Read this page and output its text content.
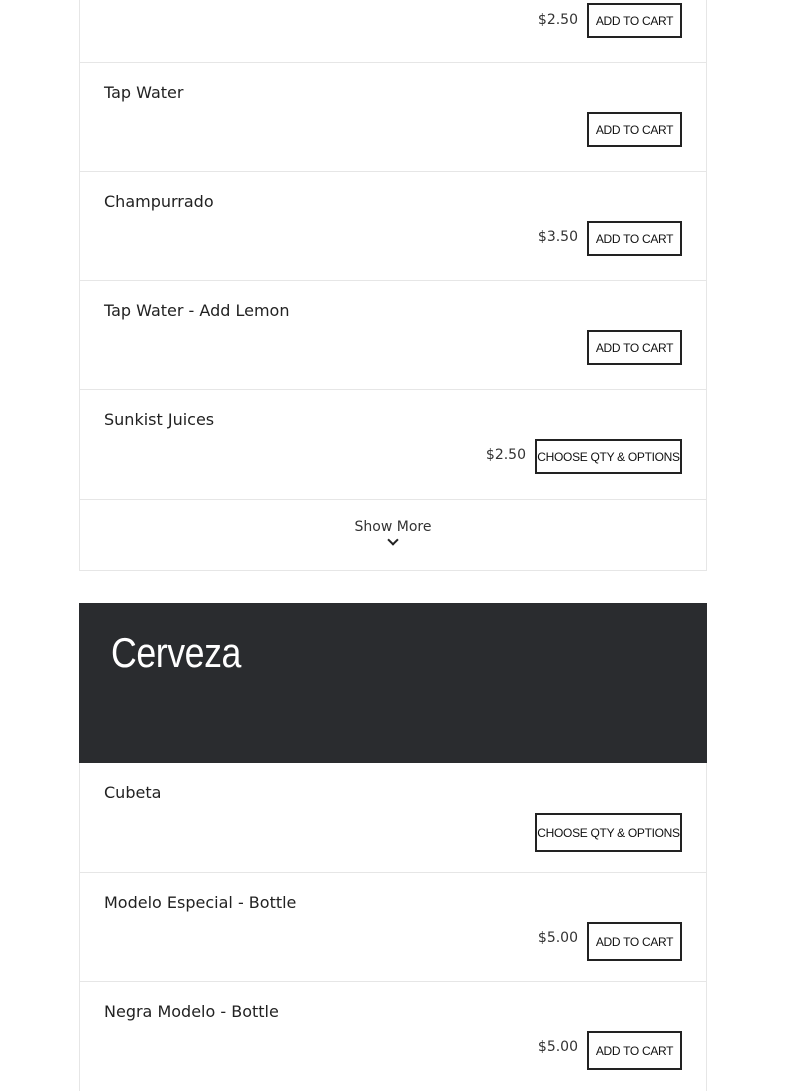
$2.50	ADD TO CART
Tap Water
ADD TO CART
Champurrado
$3.50	ADD TO CART
Tap Water - Add Lemon
ADD TO CART
Sunkist Juices
$2.50 CHOOSE QTY & OPTIONS
Show More
Cerveza
Cubeta
CHOOSE QTY & OPTIONS
Modelo Especial - Bottle
$5.00	ADD TO CART
Negra Modelo - Bottle
$5.00	ADD TO CART
